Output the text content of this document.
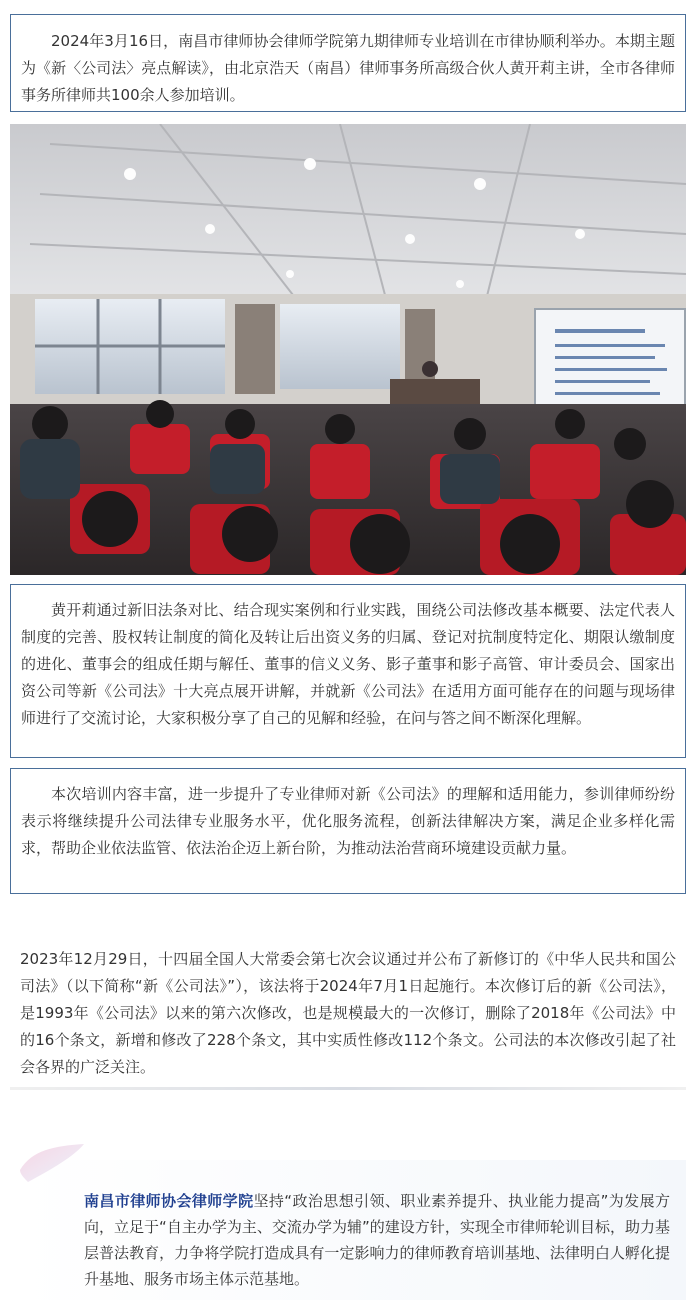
2024年3月16日，南昌市律师协会律师学院第九期律师专业培训在市律协顺利举办。本期主题为《新〈公司法〉亮点解读》，由北京浩天（南昌）律师事务所高级合伙人黄开莉主讲，全市各律师事务所律师共100余人参加培训。

黄开莉通过新旧法条对比、结合现实案例和行业实践，围绕公司法修改基本概要、法定代表人制度的完善、股权转让制度的简化及转让后出资义务的归属、登记对抗制度特定化、期限认缴制度的进化、董事会的组成任期与解任、董事的信义义务、影子董事和影子高管、审计委员会、国家出资公司等新《公司法》十大亮点展开讲解，并就新《公司法》在适用方面可能存在的问题与现场律师进行了交流讨论，大家积极分享了自己的见解和经验，在问与答之间不断深化理解。

本次培训内容丰富，进一步提升了专业律师对新《公司法》的理解和适用能力，参训律师纷纷表示将继续提升公司法律专业服务水平，优化服务流程，创新法律解决方案，满足企业多样化需求，帮助企业依法监管、依法治企迈上新台阶，为推动法治营商环境建设贡献力量。

2023年12月29日，十四届全国人大常委会第七次会议通过并公布了新修订的《中华人民共和国公司法》（以下简称“新《公司法》”），该法将于2024年7月1日起施行。本次修订后的新《公司法》，是1993年《公司法》以来的第六次修改，也是规模最大的一次修订，删除了2018年《公司法》中的16个条文，新增和修改了228个条文，其中实质性修改112个条文。公司法的本次修改引起了社会各界的广泛关注。

南昌市律师协会律师学院坚持“政治思想引领、职业素养提升、执业能力提高”为发展方向，立足于“自主办学为主、交流办学为辅”的建设方针，实现全市律师轮训目标，助力基层普法教育，力争将学院打造成具有一定影响力的律师教育培训基地、法律明白人孵化提升基地、服务市场主体示范基地。
